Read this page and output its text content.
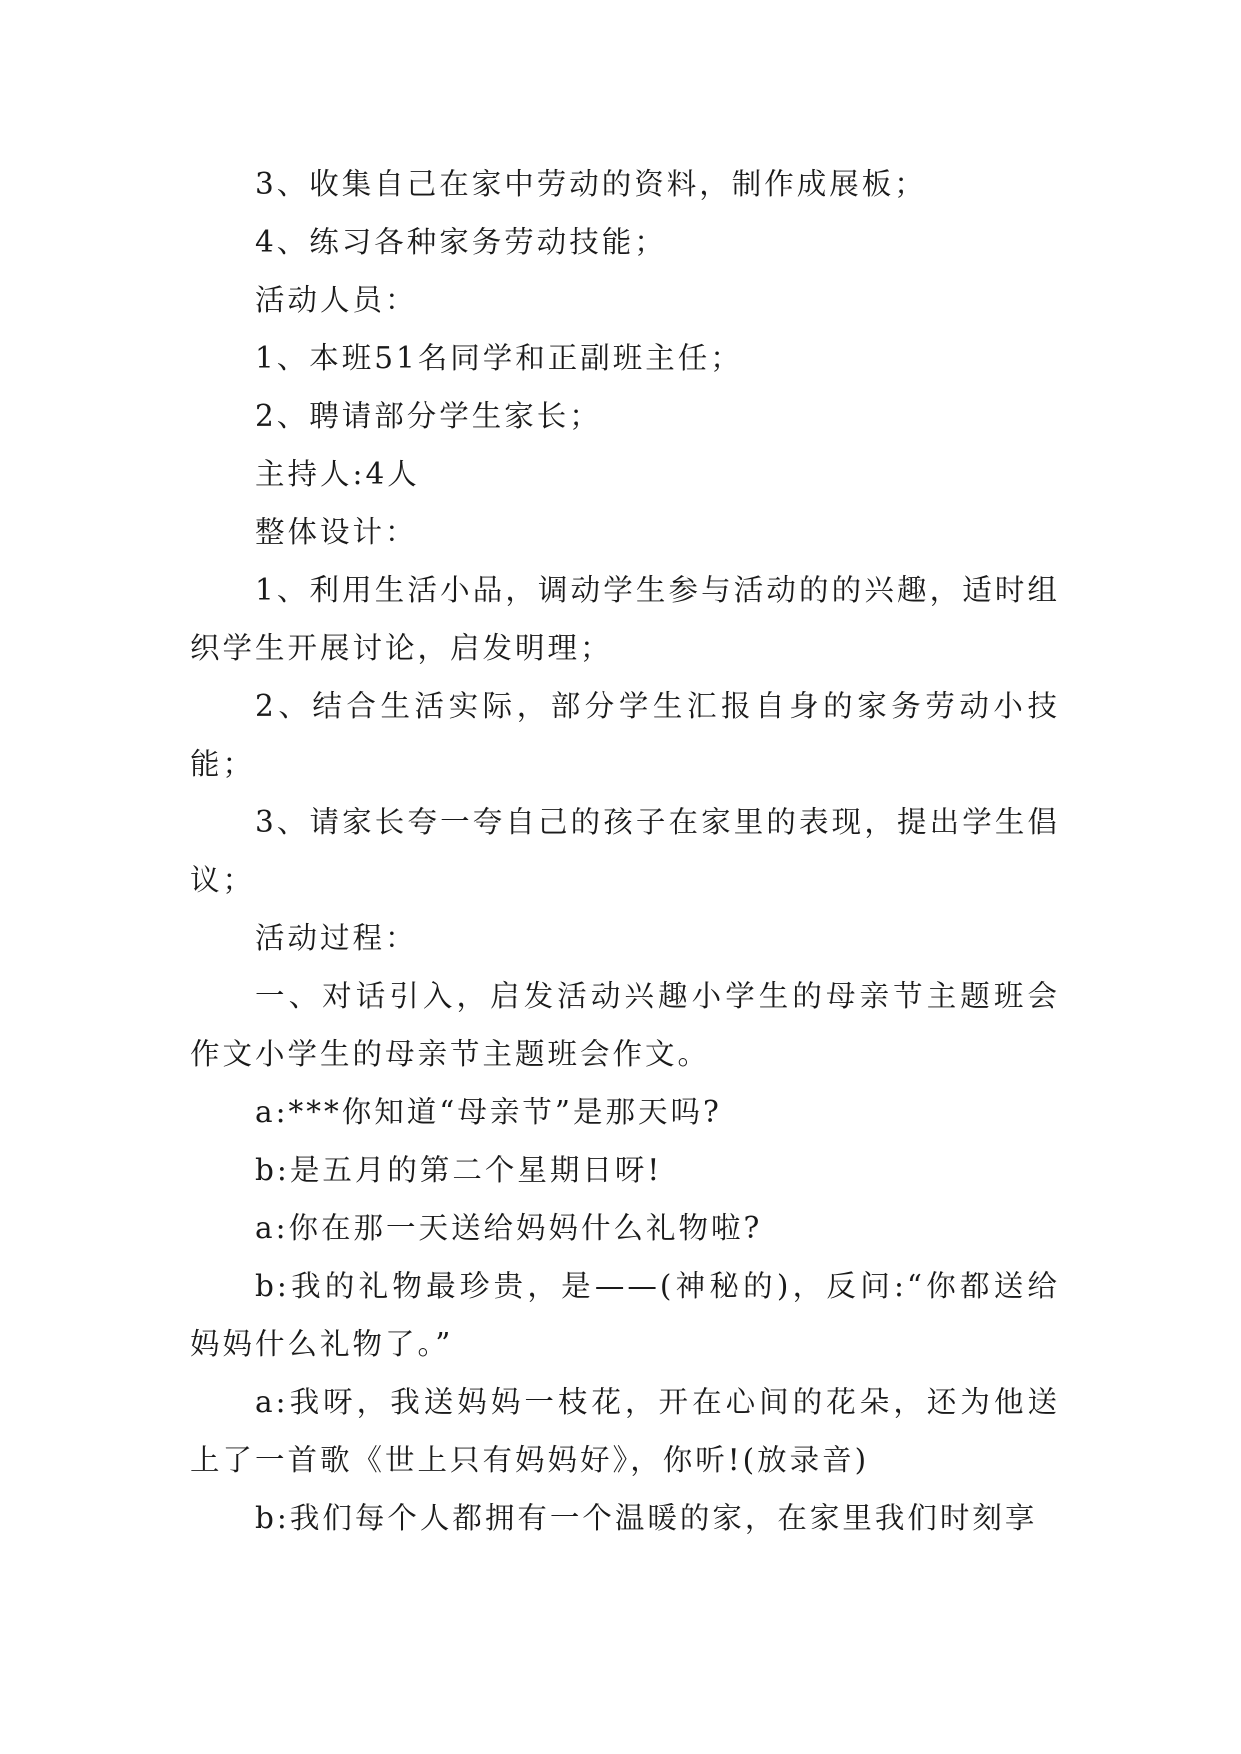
3、收集自己在家中劳动的资料，制作成展板；

4、练习各种家务劳动技能；

活动人员：

1、本班51名同学和正副班主任；

2、聘请部分学生家长；

主持人:4人

整体设计：

1、利用生活小品，调动学生参与活动的的兴趣，适时组织学生开展讨论，启发明理；

2、结合生活实际，部分学生汇报自身的家务劳动小技能；

3、请家长夸一夸自己的孩子在家里的表现，提出学生倡议；

活动过程：

一、对话引入，启发活动兴趣小学生的母亲节主题班会作文小学生的母亲节主题班会作文。

a:***你知道“母亲节”是那天吗?

b:是五月的第二个星期日呀!

a:你在那一天送给妈妈什么礼物啦?

b:我的礼物最珍贵，是——(神秘的)，反问:“你都送给妈妈什么礼物了。”

a:我呀，我送妈妈一枝花，开在心间的花朵，还为他送上了一首歌《世上只有妈妈好》，你听!(放录音)

b:我们每个人都拥有一个温暖的家，在家里我们时刻享
